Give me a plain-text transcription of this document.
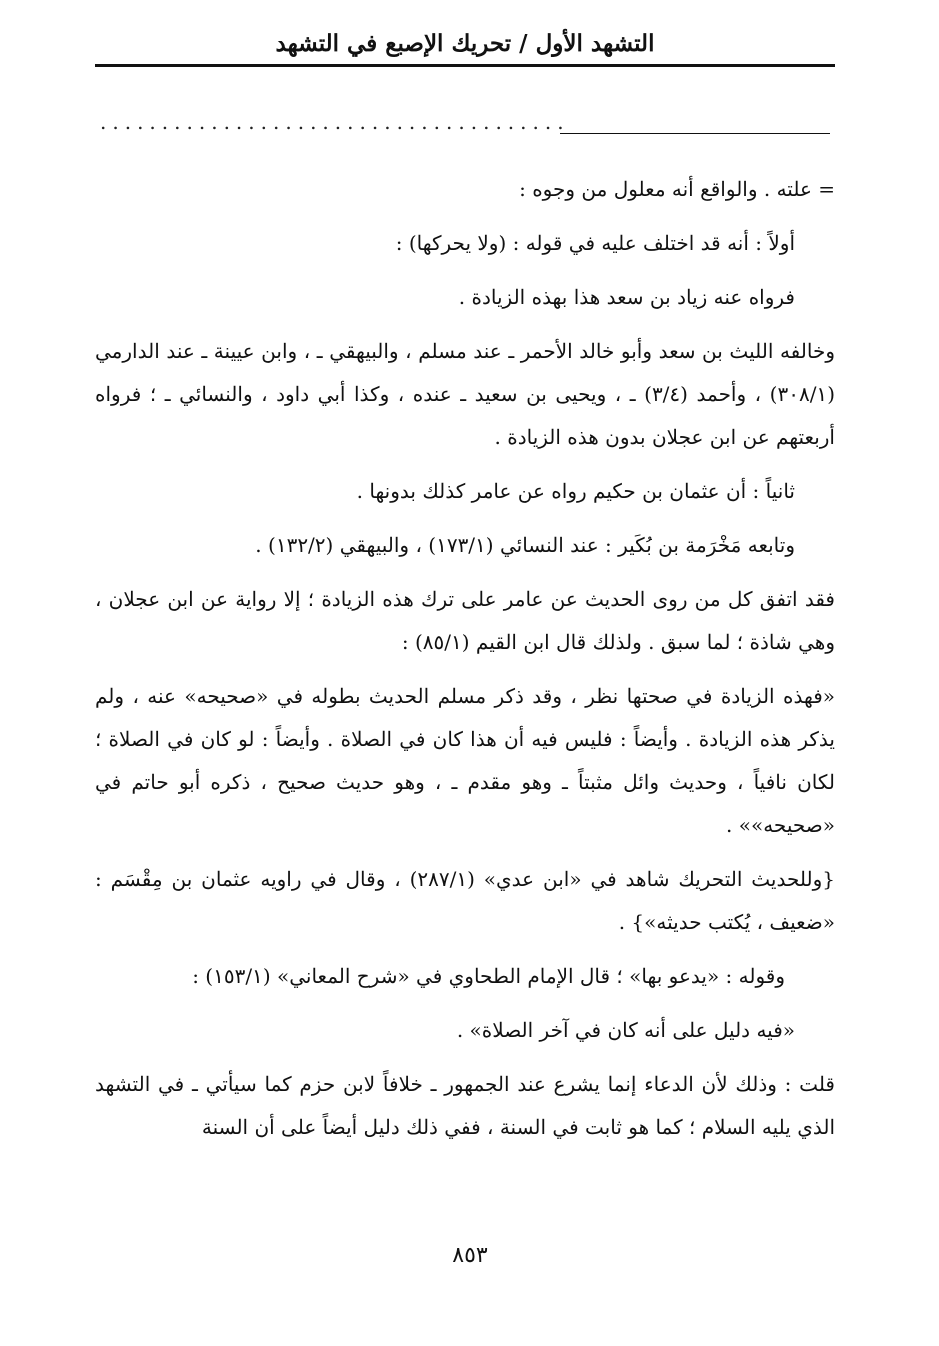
التشهد الأول / تحريك الإصبع في التشهد
......................................

= علته . والواقع أنه معلول من وجوه :

أولاً : أنه قد اختلف عليه في قوله : (ولا يحركها) :

فرواه عنه زياد بن سعد هذا بهذه الزيادة .

وخالفه الليث بن سعد وأبو خالد الأحمر ـ عند مسلم ، والبيهقي ـ ، وابن عيينة ـ عند الدارمي (٣٠٨/١) ، وأحمد (٣/٤) ـ ، ويحيى بن سعيد ـ عنده ، وكذا أبي داود ، والنسائي ـ ؛ فرواه أربعتهم عن ابن عجلان بدون هذه الزيادة .

ثانياً : أن عثمان بن حكيم رواه عن عامر كذلك بدونها .

وتابعه مَخْرَمة بن بُكَير : عند النسائي (١٧٣/١) ، والبيهقي (١٣٢/٢) .

فقد اتفق كل من روى الحديث عن عامر على ترك هذه الزيادة ؛ إلا رواية عن ابن عجلان ، وهي شاذة ؛ لما سبق . ولذلك قال ابن القيم (٨٥/١) :

«فهذه الزيادة في صحتها نظر ، وقد ذكر مسلم الحديث بطوله في «صحيحه» عنه ، ولم يذكر هذه الزيادة . وأيضاً : فليس فيه أن هذا كان في الصلاة . وأيضاً : لو كان في الصلاة ؛ لكان نافياً ، وحديث وائل مثبتاً ـ وهو مقدم ـ ، وهو حديث صحيح ، ذكره أبو حاتم في «صحيحه»» .

{وللحديث التحريك شاهد في «ابن عدي» (٢٨٧/١) ، وقال في راويه عثمان بن مِقْسَم : «ضعيف ، يُكتب حديثه»} .

وقوله : «يدعو بها» ؛ قال الإمام الطحاوي في «شرح المعاني» (١٥٣/١) :

«فيه دليل على أنه كان في آخر الصلاة» .

قلت : وذلك لأن الدعاء إنما يشرع عند الجمهور ـ خلافاً لابن حزم كما سيأتي ـ في التشهد الذي يليه السلام ؛ كما هو ثابت في السنة ، ففي ذلك دليل أيضاً على أن السنة

٨٥٣
